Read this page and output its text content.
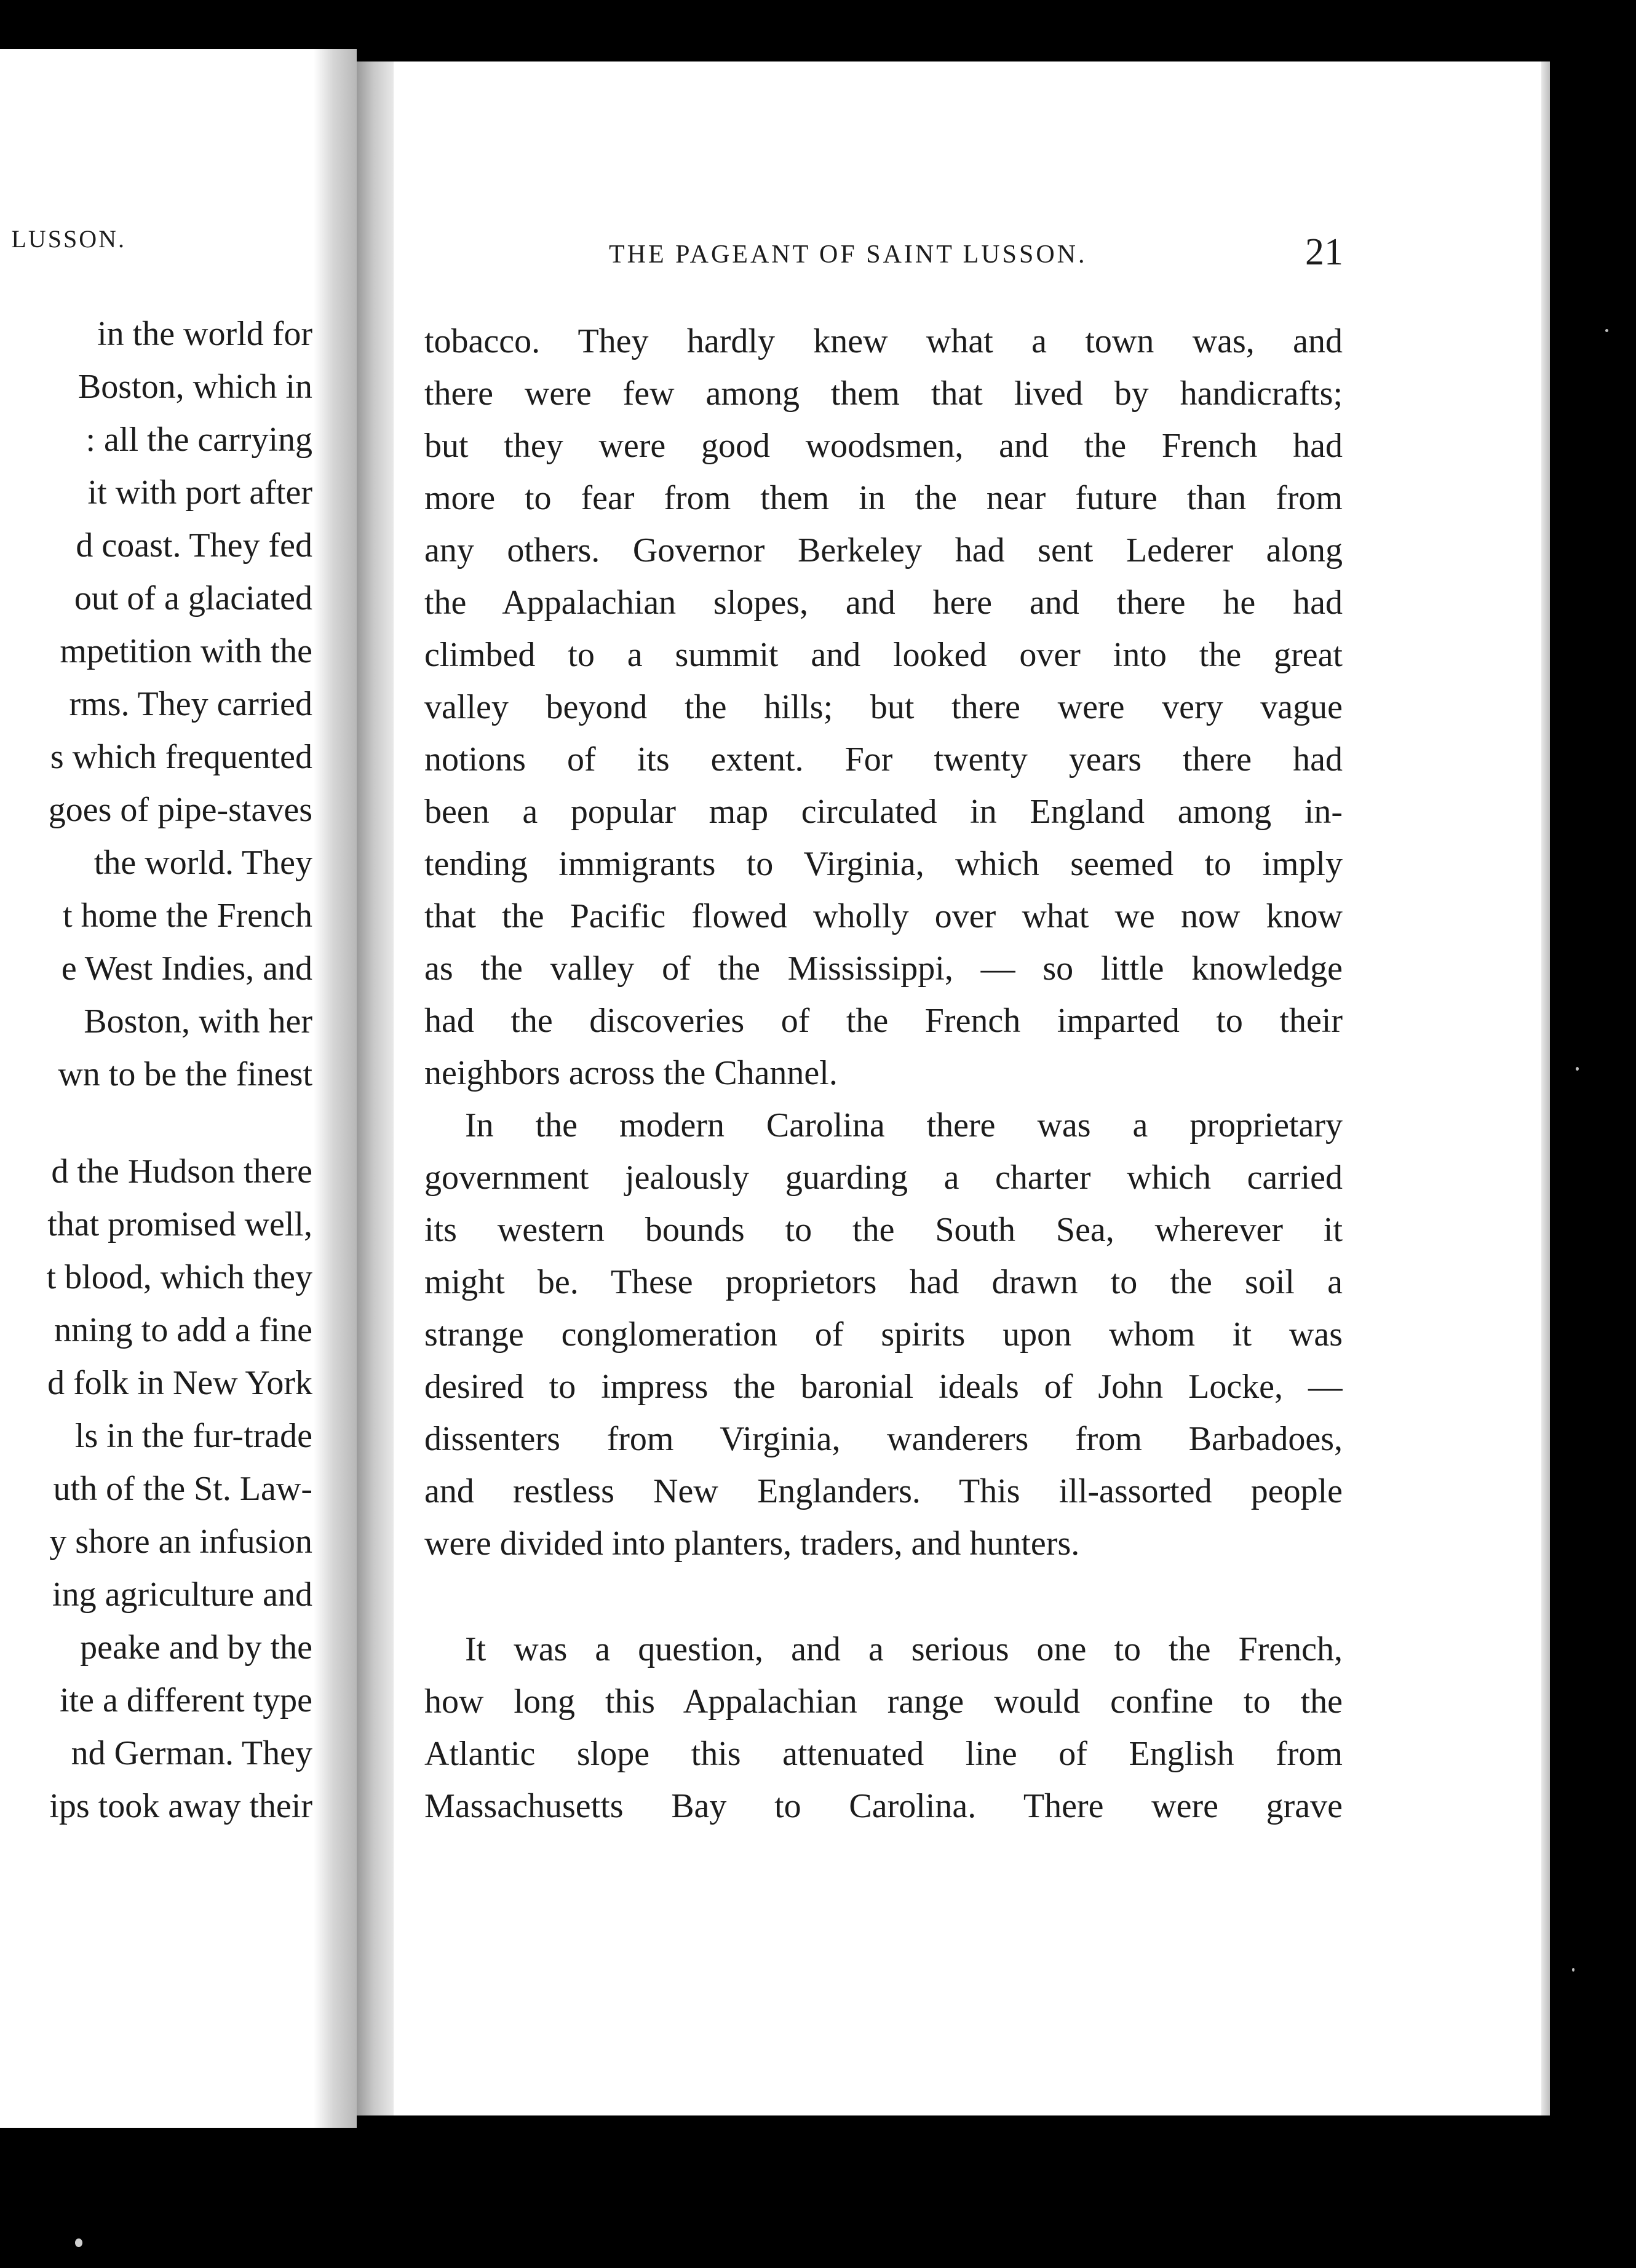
LUSSON.
in the world for
Boston, which in
: all the carrying
it with port after
d coast. They fed
out of a glaciated
mpetition with the
rms. They carried
s which frequented
goes of pipe-staves
the world. They
t home the French
e West Indies, and
Boston, with her
wn to be the finest
d the Hudson there
that promised well,
t blood, which they
nning to add a fine
d folk in New York
ls in the fur-trade
uth of the St. Law-
y shore an infusion
ing agriculture and
peake and by the
ite a different type
nd German. They
ips took away their
THE PAGEANT OF SAINT LUSSON.	21
tobacco. They hardly knew what a town was, and
there were few among them that lived by handicrafts;
but they were good woodsmen, and the French had
more to fear from them in the near future than from
any others. Governor Berkeley had sent Lederer along
the Appalachian slopes, and here and there he had
climbed to a summit and looked over into the great
valley beyond the hills; but there were very vague
notions of its extent. For twenty years there had
been a popular map circulated in England among in-
tending immigrants to Virginia, which seemed to imply
that the Pacific flowed wholly over what we now know
as the valley of the Mississippi, — so little knowledge
had the discoveries of the French imparted to their
neighbors across the Channel.
In the modern Carolina there was a proprietary
government jealously guarding a charter which carried
its western bounds to the South Sea, wherever it
might be. These proprietors had drawn to the soil a
strange conglomeration of spirits upon whom it was
desired to impress the baronial ideals of John Locke, —
dissenters from Virginia, wanderers from Barbadoes,
and restless New Englanders. This ill-assorted people
were divided into planters, traders, and hunters.
It was a question, and a serious one to the French,
how long this Appalachian range would confine to the
Atlantic slope this attenuated line of English from
Massachusetts Bay to Carolina. There were grave
